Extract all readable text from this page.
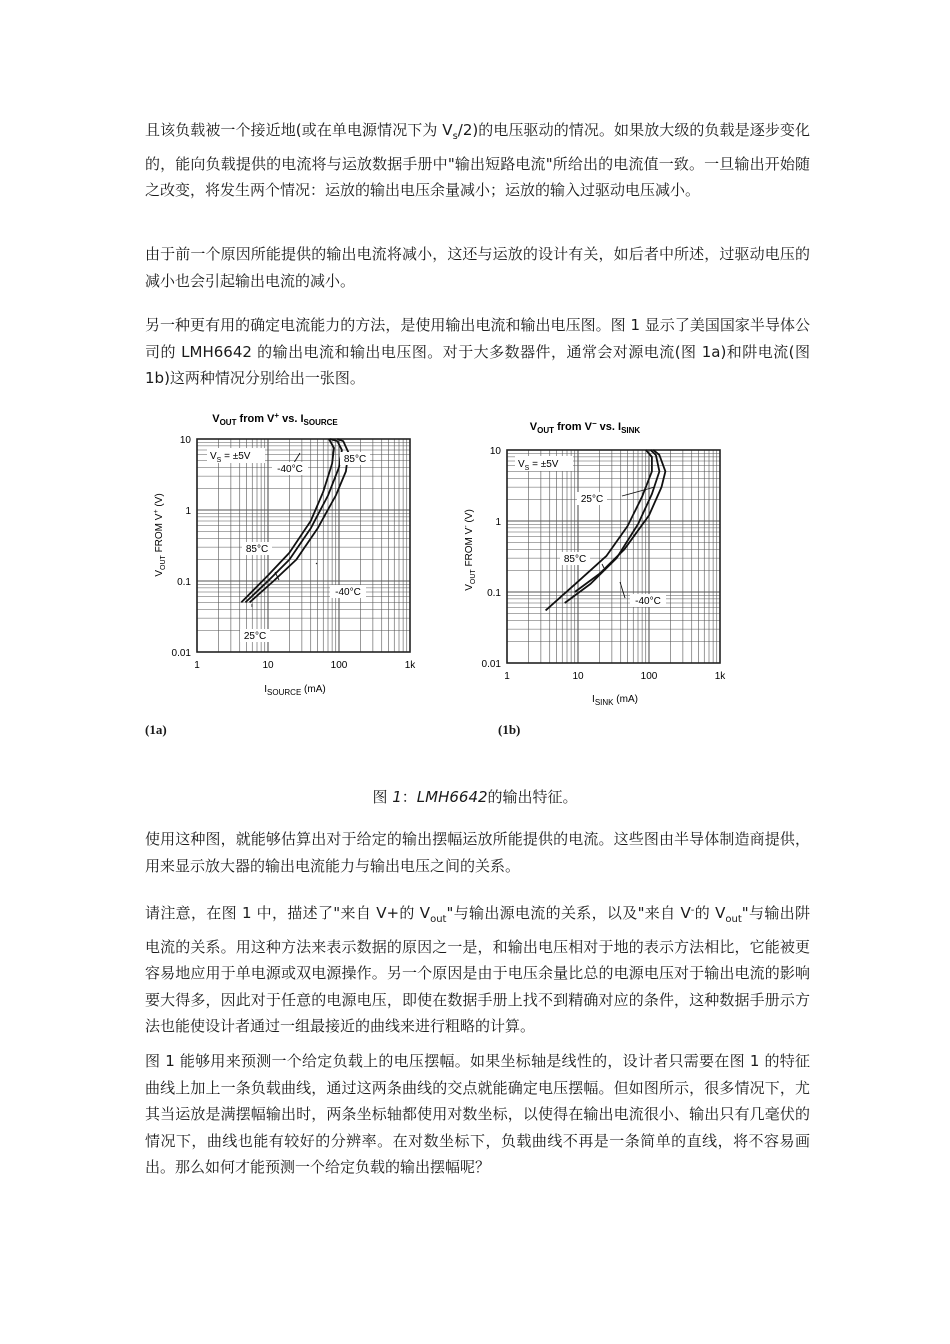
且该负载被一个接近地(或在单电源情况下为 $V_s/2$)的电压驱动的情况。如果放大级的负载是逐步变化的，能向负载提供的电流将与运放数据手册中"输出短路电流"所给出的电流值一致。一旦输出开始随之改变，将发生两个情况：运放的输出电压余量减小；运放的输入过驱动电压减小。

由于前一个原因所能提供的输出电流将减小，这还与运放的设计有关，如后者中所述，过驱动电压的减小也会引起输出电流的减小。

另一种更有用的确定电流能力的方法，是使用输出电流和输出电压图。图 1 显示了美国国家半导体公司的 LMH6642 的输出电流和输出电压图。对于大多数器件，通常会对源电流(图 1a)和阱电流(图 1b)这两种情况分别给出一张图。

$V_{OUT}$ from V+ vs. $I_{SOURCE}$
$V_{OUT}$ FROM V+ (V)
$I_{SOURCE}$ (mA)
1	10	100	1k
0.01
0.1
1
10
$V_S = \pm 5V$
-40°C
85°C
85°C
-40°C
25°C
$V_{OUT}$ from V− vs. $I_{SINK}$
$V_{OUT}$ FROM V- (V)
$I_{SINK}$ (mA)
1	10	100	1k
0.01
0.1
1
10
$V_S = \pm 5V$
25°C
85°C
-40°C
(1a)	(1b)
图 1：LMH6642的输出特征。

使用这种图，就能够估算出对于给定的输出摆幅运放所能提供的电流。这些图由半导体制造商提供，用来显示放大器的输出电流能力与输出电压之间的关系。

请注意，在图 1 中，描述了"来自 V+的 $V_{out}$"与输出源电流的关系，以及"来自 V-的 $V_{out}$"与输出阱电流的关系。用这种方法来表示数据的原因之一是，和输出电压相对于地的表示方法相比，它能被更容易地应用于单电源或双电源操作。另一个原因是由于电压余量比总的电源电压对于输出电流的影响要大得多，因此对于任意的电源电压，即使在数据手册上找不到精确对应的条件，这种数据手册示方法也能使设计者通过一组最接近的曲线来进行粗略的计算。

图 1 能够用来预测一个给定负载上的电压摆幅。如果坐标轴是线性的，设计者只需要在图 1 的特征曲线上加上一条负载曲线，通过这两条曲线的交点就能确定电压摆幅。但如图所示，很多情况下，尤其当运放是满摆幅输出时，两条坐标轴都使用对数坐标，以使得在输出电流很小、输出只有几毫伏的情况下，曲线也能有较好的分辨率。在对数坐标下，负载曲线不再是一条简单的直线，将不容易画出。那么如何才能预测一个给定负载的输出摆幅呢？
